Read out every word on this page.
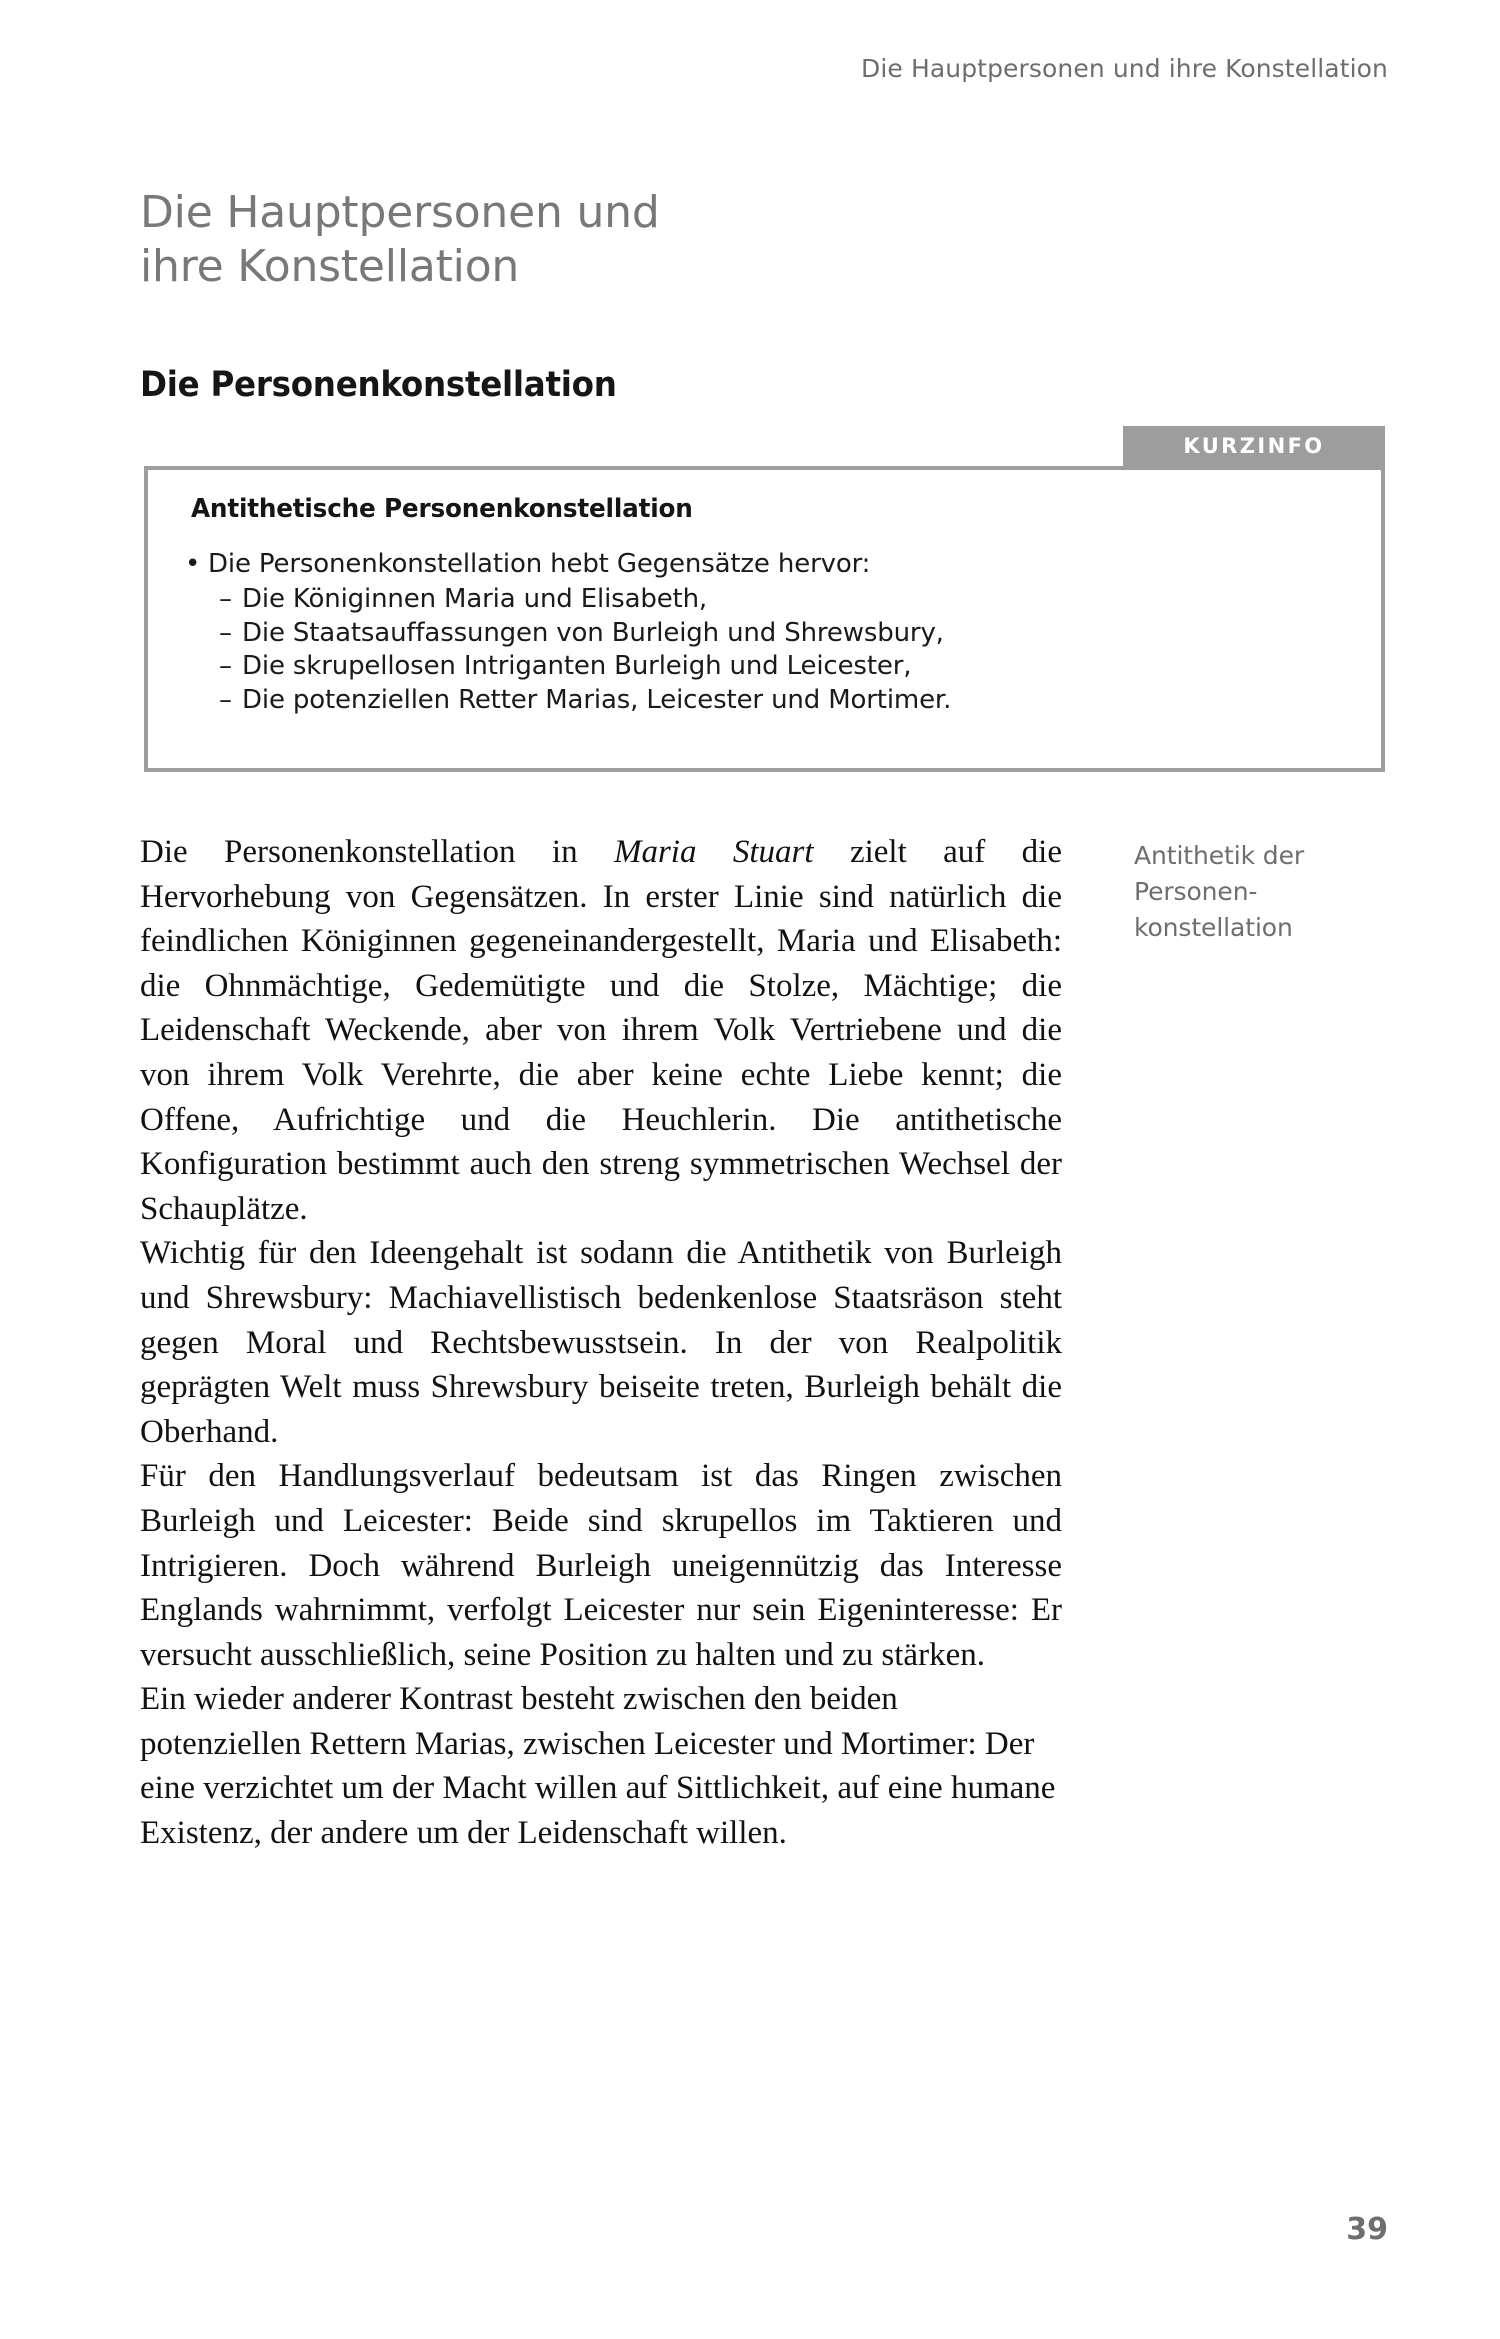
Die Hauptpersonen und ihre Konstellation
Die Hauptpersonen und
ihre Konstellation
Die Personenkonstellation
KURZINFO
Antithetische Personenkonstellation
• Die Personenkonstellation hebt Gegensätze hervor:
– Die Königinnen Maria und Elisabeth,
– Die Staatsauffassungen von Burleigh und Shrewsbury,
– Die skrupellosen Intriganten Burleigh und Leicester,
– Die potenziellen Retter Marias, Leicester und Mortimer.

Die Personenkonstellation in Maria Stuart zielt auf die Hervorhebung von Gegensätzen. In erster Linie sind natürlich die feindlichen Königinnen gegeneinandergestellt, Maria und Elisabeth: die Ohnmächtige, Gedemütigte und die Stolze, Mächtige; die Leidenschaft Weckende, aber von ihrem Volk Vertriebene und die von ihrem Volk Verehrte, die aber keine echte Liebe kennt; die Offene, Aufrichtige und die Heuchlerin. Die antithetische Konfiguration bestimmt auch den streng symmetrischen Wechsel der Schauplätze.

Wichtig für den Ideengehalt ist sodann die Antithetik von Burleigh und Shrewsbury: Machiavellistisch bedenkenlose Staatsräson steht gegen Moral und Rechtsbewusstsein. In der von Realpolitik geprägten Welt muss Shrewsbury beiseite treten, Burleigh behält die Oberhand.

Für den Handlungsverlauf bedeutsam ist das Ringen zwischen Burleigh und Leicester: Beide sind skrupellos im Taktieren und Intrigieren. Doch während Burleigh uneigennützig das Interesse Englands wahrnimmt, verfolgt Leicester nur sein Eigeninteresse: Er versucht ausschließlich, seine Position zu halten und zu stärken.

Ein wieder anderer Kontrast besteht zwischen den beiden potenziellen Rettern Marias, zwischen Leicester und Mortimer: Der eine verzichtet um der Macht willen auf Sittlichkeit, auf eine humane Existenz, der andere um der Leidenschaft willen.

Antithetik der
Personen-
konstellation
39
